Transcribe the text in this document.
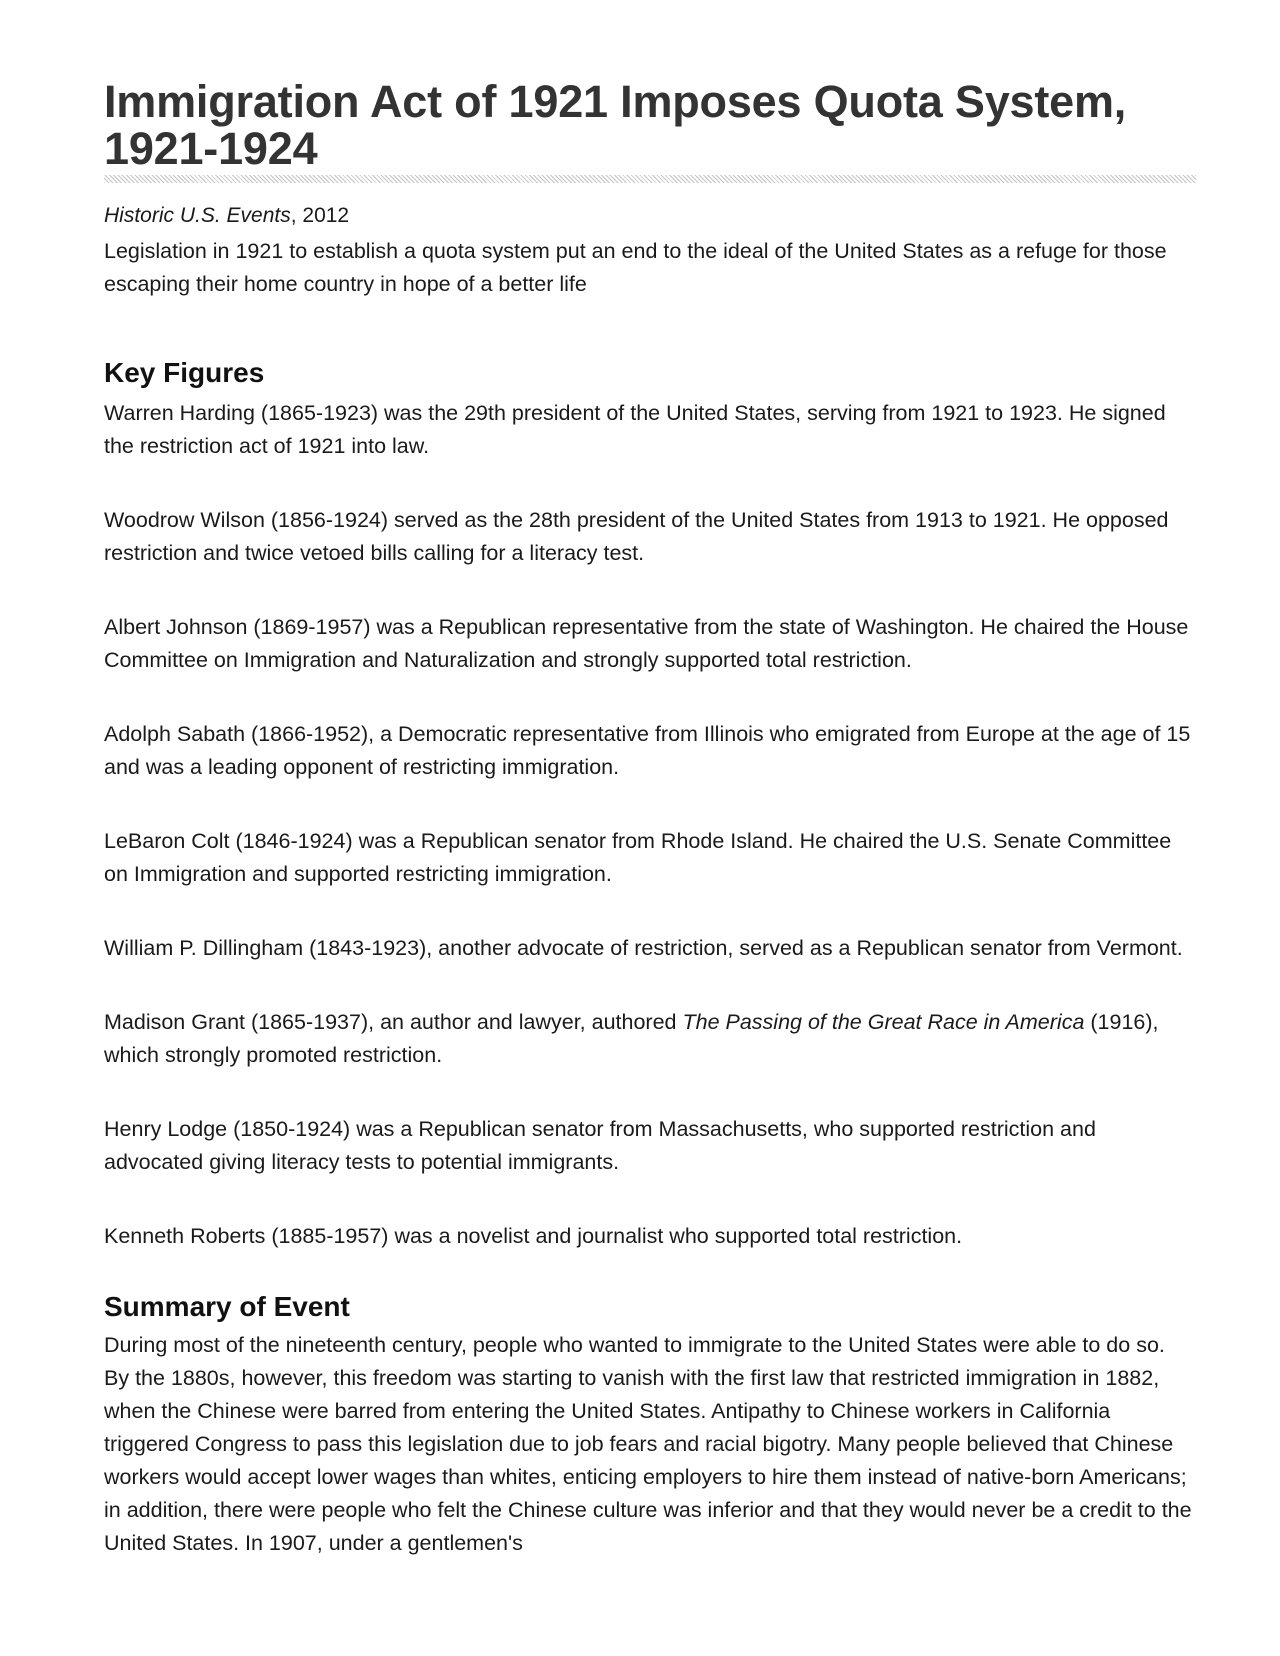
Immigration Act of 1921 Imposes Quota System, 1921-1924
Historic U.S. Events, 2012

Legislation in 1921 to establish a quota system put an end to the ideal of the United States as a refuge for those escaping their home country in hope of a better life

Key Figures

Warren Harding (1865-1923) was the 29th president of the United States, serving from 1921 to 1923. He signed the restriction act of 1921 into law.

Woodrow Wilson (1856-1924) served as the 28th president of the United States from 1913 to 1921. He opposed restriction and twice vetoed bills calling for a literacy test.

Albert Johnson (1869-1957) was a Republican representative from the state of Washington. He chaired the House Committee on Immigration and Naturalization and strongly supported total restriction.

Adolph Sabath (1866-1952), a Democratic representative from Illinois who emigrated from Europe at the age of 15 and was a leading opponent of restricting immigration.

LeBaron Colt (1846-1924) was a Republican senator from Rhode Island. He chaired the U.S. Senate Committee on Immigration and supported restricting immigration.

William P. Dillingham (1843-1923), another advocate of restriction, served as a Republican senator from Vermont.

Madison Grant (1865-1937), an author and lawyer, authored The Passing of the Great Race in America (1916), which strongly promoted restriction.

Henry Lodge (1850-1924) was a Republican senator from Massachusetts, who supported restriction and advocated giving literacy tests to potential immigrants.

Kenneth Roberts (1885-1957) was a novelist and journalist who supported total restriction.

Summary of Event

During most of the nineteenth century, people who wanted to immigrate to the United States were able to do so. By the 1880s, however, this freedom was starting to vanish with the first law that restricted immigration in 1882, when the Chinese were barred from entering the United States. Antipathy to Chinese workers in California triggered Congress to pass this legislation due to job fears and racial bigotry. Many people believed that Chinese workers would accept lower wages than whites, enticing employers to hire them instead of native-born Americans; in addition, there were people who felt the Chinese culture was inferior and that they would never be a credit to the United States. In 1907, under a gentlemen's
